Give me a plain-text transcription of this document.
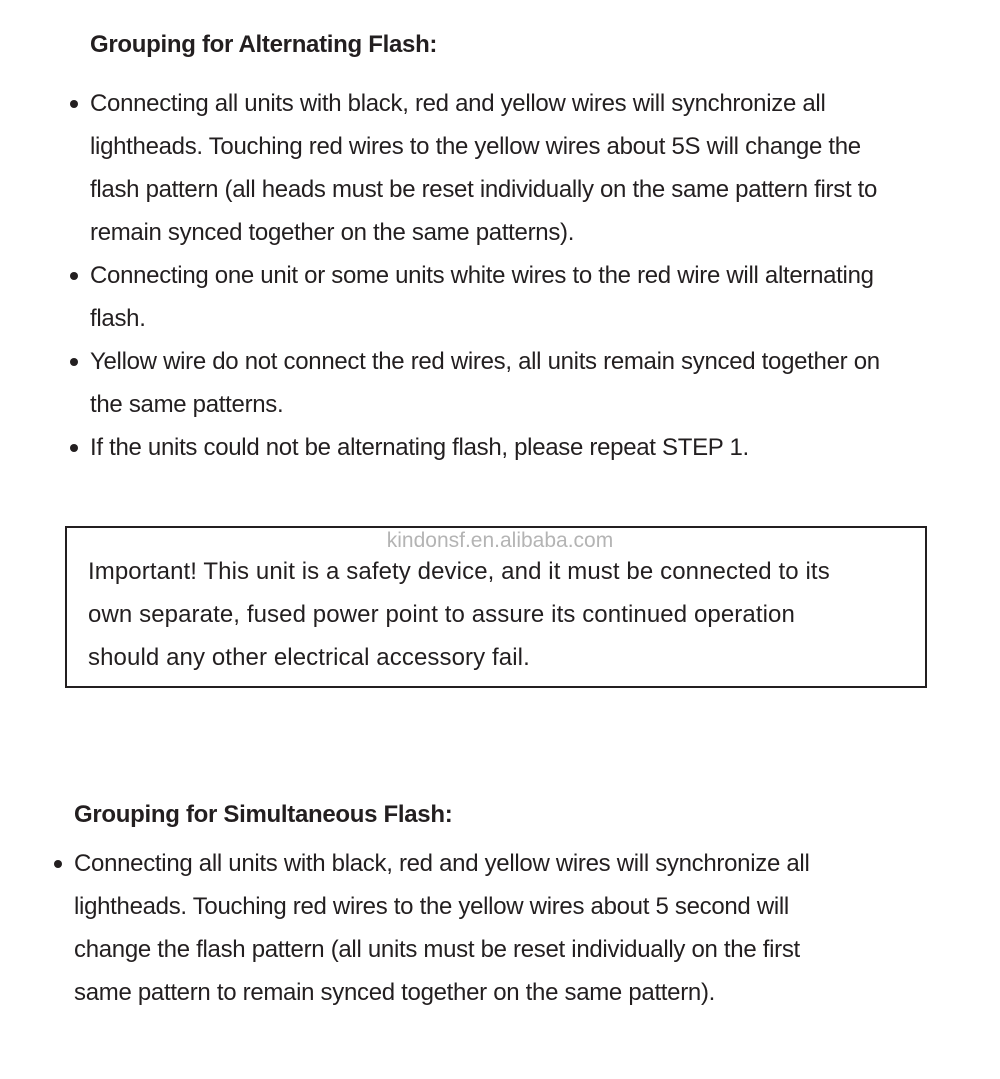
Grouping for Alternating Flash:
Connecting all units with black, red and yellow wires will synchronize all
lightheads. Touching red wires to the yellow wires about 5S will change the
flash pattern (all heads must be reset individually on the same pattern first to
remain synced together on the same patterns).
Connecting one unit or some units white wires to the red wire will alternating
flash.
Yellow wire do not connect the red wires, all units remain synced together on
the same patterns.
If the units could not be alternating flash, please repeat STEP 1.

Important! This unit is a safety device, and it must be connected to its
own separate, fused power point to assure its continued operation
should any other electrical accessory fail.

kindonsf.en.alibaba.com
Grouping for Simultaneous Flash:
Connecting all units with black, red and yellow wires will synchronize all
lightheads. Touching red wires to the yellow wires about 5 second will
change the flash pattern (all units must be reset individually on the first
same pattern to remain synced together on the same pattern).
